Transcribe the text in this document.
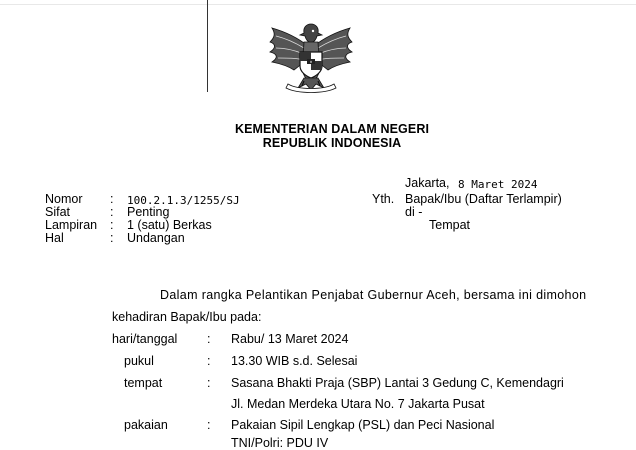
KEMENTERIAN DALAM NEGERI
REPUBLIK INDONESIA
Jakarta, 8 Maret 2024
Yth. Bapak/Ibu (Daftar Terlampir)
di -
Tempat
Nomor : 100.2.1.3/1255/SJ
Sifat	: Penting
Lampiran : 1 (satu) Berkas
Hal	: Undangan
Dalam rangka Pelantikan Penjabat Gubernur Aceh, bersama ini dimohon
kehadiran Bapak/Ibu pada:
hari/tanggal : Rabu/ 13 Maret 2024
pukul	: 13.30 WIB s.d. Selesai
tempat	: Sasana Bhakti Praja (SBP) Lantai 3 Gedung C, Kemendagri
Jl. Medan Merdeka Utara No. 7 Jakarta Pusat
pakaian	: Pakaian Sipil Lengkap (PSL) dan Peci Nasional
TNI/Polri: PDU IV
